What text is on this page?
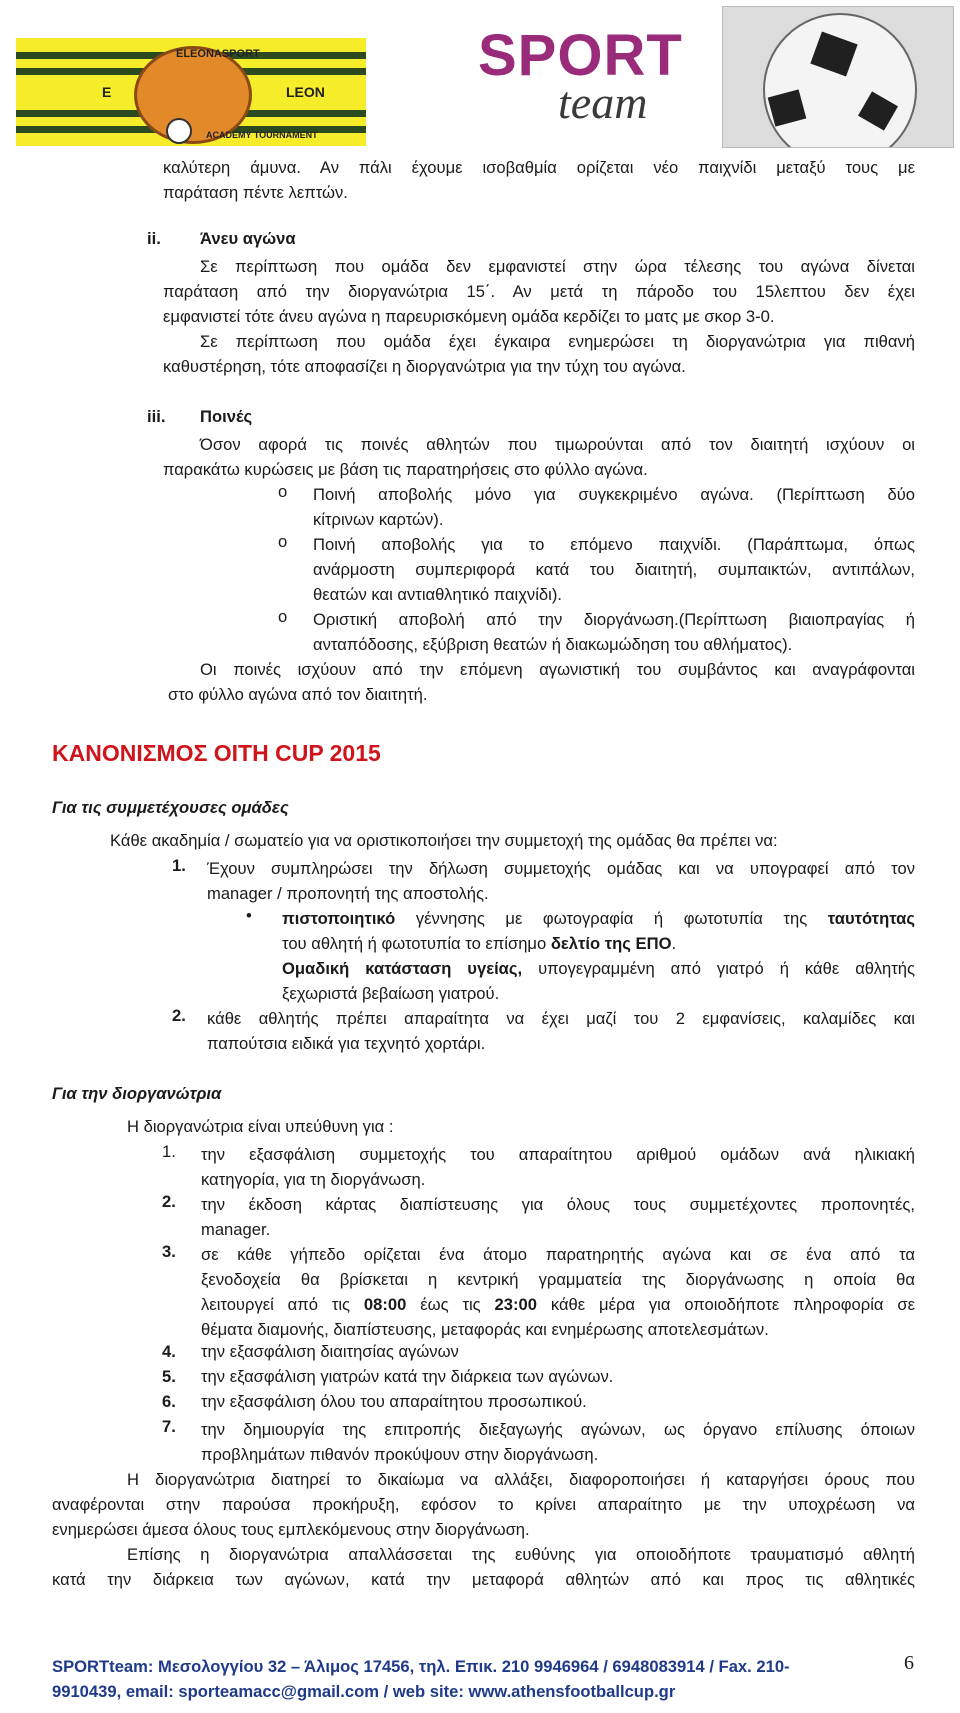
ELEONASPORT
E	LEON
ACADEMY TOURNAMENT
SPORT
team
καλύτερη άμυνα. Αν πάλι έχουμε ισοβαθμία ορίζεται νέο παιχνίδι μεταξύ τους με
παράταση πέντε λεπτών.
ii. Άνευ αγώνα
Σε περίπτωση που ομάδα δεν εμφανιστεί στην ώρα τέλεσης του αγώνα δίνεται
παράταση από την διοργανώτρια 15΄. Αν μετά τη πάροδο του 15λεπτου δεν έχει
εμφανιστεί τότε άνευ αγώνα η παρευρισκόμενη ομάδα κερδίζει το ματς με σκορ 3-0.
Σε περίπτωση που ομάδα έχει έγκαιρα ενημερώσει τη διοργανώτρια για πιθανή
καθυστέρηση, τότε αποφασίζει η διοργανώτρια για την τύχη του αγώνα.
iii. Ποινές
Όσον αφορά τις ποινές αθλητών που τιμωρούνται από τον διαιτητή ισχύουν οι
παρακάτω κυρώσεις με βάση τις παρατηρήσεις στο φύλλο αγώνα.
o Ποινή αποβολής μόνο για συγκεκριμένο αγώνα. (Περίπτωση δύο
κίτρινων καρτών).
o Ποινή αποβολής για το επόμενο παιχνίδι. (Παράπτωμα, όπως
ανάρμοστη συμπεριφορά κατά του διαιτητή, συμπαικτών, αντιπάλων,
θεατών και αντιαθλητικό παιχνίδι).
o Οριστική αποβολή από την διοργάνωση.(Περίπτωση βιαιοπραγίας ή
ανταπόδοσης, εξύβριση θεατών ή διακωμώδηση του αθλήματος).
Οι ποινές ισχύουν από την επόμενη αγωνιστική του συμβάντος και αναγράφονται
στο φύλλο αγώνα από τον διαιτητή.
ΚΑΝΟΝΙΣΜΟΣ OITH CUP 2015
Για τις συμμετέχουσες ομάδες
Κάθε ακαδημία / σωματείο για να οριστικοποιήσει την συμμετοχή της ομάδας θα πρέπει να:
1. Έχουν συμπληρώσει την δήλωση συμμετοχής ομάδας και να υπογραφεί από τον
manager / προπονητή της αποστολής.
• πιστοποιητικό γέννησης με φωτογραφία ή φωτοτυπία της ταυτότητας
του αθλητή ή φωτοτυπία το επίσημο δελτίο της ΕΠΟ.
Ομαδική κατάσταση υγείας, υπογεγραμμένη από γιατρό ή κάθε αθλητής
ξεχωριστά βεβαίωση γιατρού.
2. κάθε αθλητής πρέπει απαραίτητα να έχει μαζί του 2 εμφανίσεις, καλαμίδες και
παπούτσια ειδικά για τεχνητό χορτάρι.
Για την διοργανώτρια
Η διοργανώτρια είναι υπεύθυνη για :
1. την εξασφάλιση συμμετοχής του απαραίτητου αριθμού ομάδων ανά ηλικιακή
κατηγορία, για τη διοργάνωση.
2. την έκδοση κάρτας διαπίστευσης για όλους τους συμμετέχοντες προπονητές,
manager.
3. σε κάθε γήπεδο ορίζεται ένα άτομο παρατηρητής αγώνα και σε ένα από τα
ξενοδοχεία θα βρίσκεται η κεντρική γραμματεία της διοργάνωσης η οποία θα
λειτουργεί από τις 08:00 έως τις 23:00 κάθε μέρα για οποιοδήποτε πληροφορία σε
θέματα διαμονής, διαπίστευσης, μεταφοράς και ενημέρωσης αποτελεσμάτων.
4. την εξασφάλιση διαιτησίας αγώνων
5. την εξασφάλιση γιατρών κατά την διάρκεια των αγώνων.
6. την εξασφάλιση όλου του απαραίτητου προσωπικού.
7. την δημιουργία της επιτροπής διεξαγωγής αγώνων, ως όργανο επίλυσης όποιων
προβλημάτων πιθανόν προκύψουν στην διοργάνωση.
Η διοργανώτρια διατηρεί το δικαίωμα να αλλάξει, διαφοροποιήσει ή καταργήσει όρους που
αναφέρονται στην παρούσα προκήρυξη, εφόσον το κρίνει απαραίτητο με την υποχρέωση να
ενημερώσει άμεσα όλους τους εμπλεκόμενους στην διοργάνωση.
Επίσης η διοργανώτρια απαλλάσσεται της ευθύνης για οποιοδήποτε τραυματισμό αθλητή
κατά την διάρκεια των αγώνων, κατά την μεταφορά αθλητών από και προς τις αθλητικές
SPORTteam: Μεσολογγίου 32 – Άλιμος 17456, τηλ. Επικ. 210 9946964 / 6948083914 / Fax. 210-
9910439, email: sporteamacc@gmail.com / web site: www.athensfootballcup.gr
6
